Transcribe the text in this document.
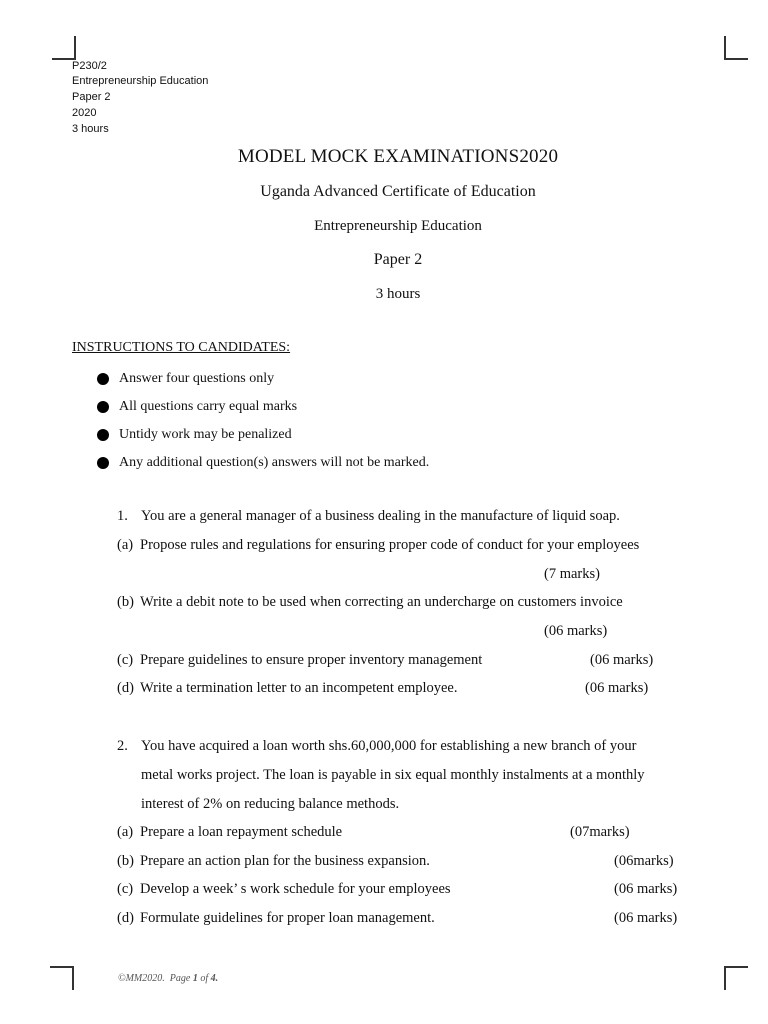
P230/2
Entrepreneurship Education
Paper 2
2020
3 hours
MODEL MOCK EXAMINATIONS2020
Uganda Advanced Certificate of Education
Entrepreneurship Education
Paper 2
3 hours
INSTRUCTIONS TO CANDIDATES:
Answer four questions only
All questions carry equal marks
Untidy work may be penalized
Any additional question(s) answers will not be marked.
1. You are a general manager of a business dealing in the manufacture of liquid soap.
(a) Propose rules and regulations for ensuring proper code of conduct for your employees
(7 marks)
(b) Write a debit note to be used when correcting an undercharge on customers invoice
(06 marks)
(c) Prepare guidelines to ensure proper inventory management	(06 marks)
(d) Write a termination letter to an incompetent employee.	(06 marks)
2. You have acquired a loan worth shs.60,000,000 for establishing a new branch of your
metal works project. The loan is payable in six equal monthly instalments at a monthly
interest of 2% on reducing balance methods.
(a) Prepare a loan repayment schedule	(07marks)
(b) Prepare an action plan for the business expansion.	(06marks)
(c) Develop a week’ s work schedule for your employees	(06 marks)
(d) Formulate guidelines for proper loan management.	(06 marks)
©MM2020. Page 1 of 4.
